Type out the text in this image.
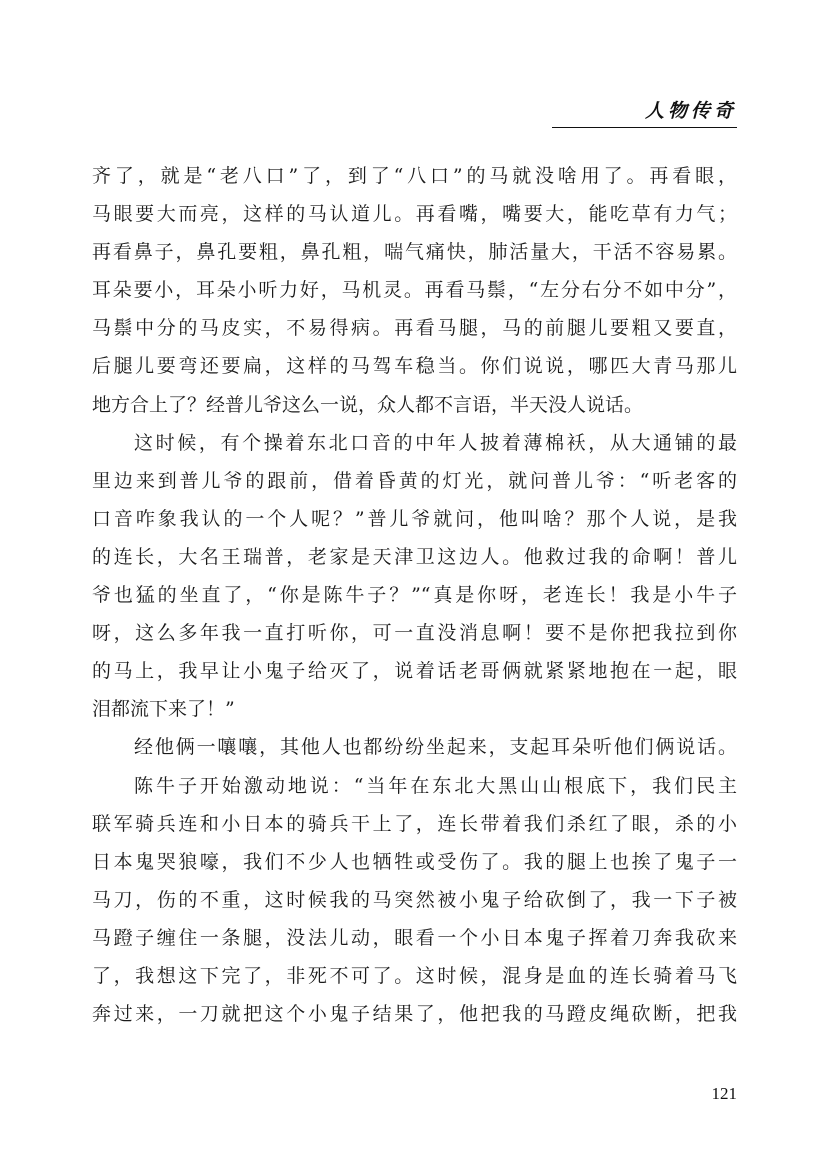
人物传奇
齐了，就是“老八口”了，到了“八口”的马就没啥用了。再看眼，
马眼要大而亮，这样的马认道儿。再看嘴，嘴要大，能吃草有力气；
再看鼻子，鼻孔要粗，鼻孔粗，喘气痛快，肺活量大，干活不容易累。
耳朵要小，耳朵小听力好，马机灵。再看马鬃，“左分右分不如中分”，
马鬃中分的马皮实，不易得病。再看马腿，马的前腿儿要粗又要直，
后腿儿要弯还要扁，这样的马驾车稳当。你们说说，哪匹大青马那儿
地方合上了？经普儿爷这么一说，众人都不言语，半天没人说话。
这时候，有个操着东北口音的中年人披着薄棉袄，从大通铺的最
里边来到普儿爷的跟前，借着昏黄的灯光，就问普儿爷：“听老客的
口音咋象我认的一个人呢？”普儿爷就问，他叫啥？那个人说，是我
的连长，大名王瑞普，老家是天津卫这边人。他救过我的命啊！普儿
爷也猛的坐直了，“你是陈牛子？”“真是你呀，老连长！我是小牛子
呀，这么多年我一直打听你，可一直没消息啊！要不是你把我拉到你
的马上，我早让小鬼子给灭了，说着话老哥俩就紧紧地抱在一起，眼
泪都流下来了！”
经他俩一嚷嚷，其他人也都纷纷坐起来，支起耳朵听他们俩说话。
陈牛子开始激动地说：“当年在东北大黑山山根底下，我们民主
联军骑兵连和小日本的骑兵干上了，连长带着我们杀红了眼，杀的小
日本鬼哭狼嚎，我们不少人也牺牲或受伤了。我的腿上也挨了鬼子一
马刀，伤的不重，这时候我的马突然被小鬼子给砍倒了，我一下子被
马蹬子缠住一条腿，没法儿动，眼看一个小日本鬼子挥着刀奔我砍来
了，我想这下完了，非死不可了。这时候，混身是血的连长骑着马飞
奔过来，一刀就把这个小鬼子结果了，他把我的马蹬皮绳砍断，把我
121
